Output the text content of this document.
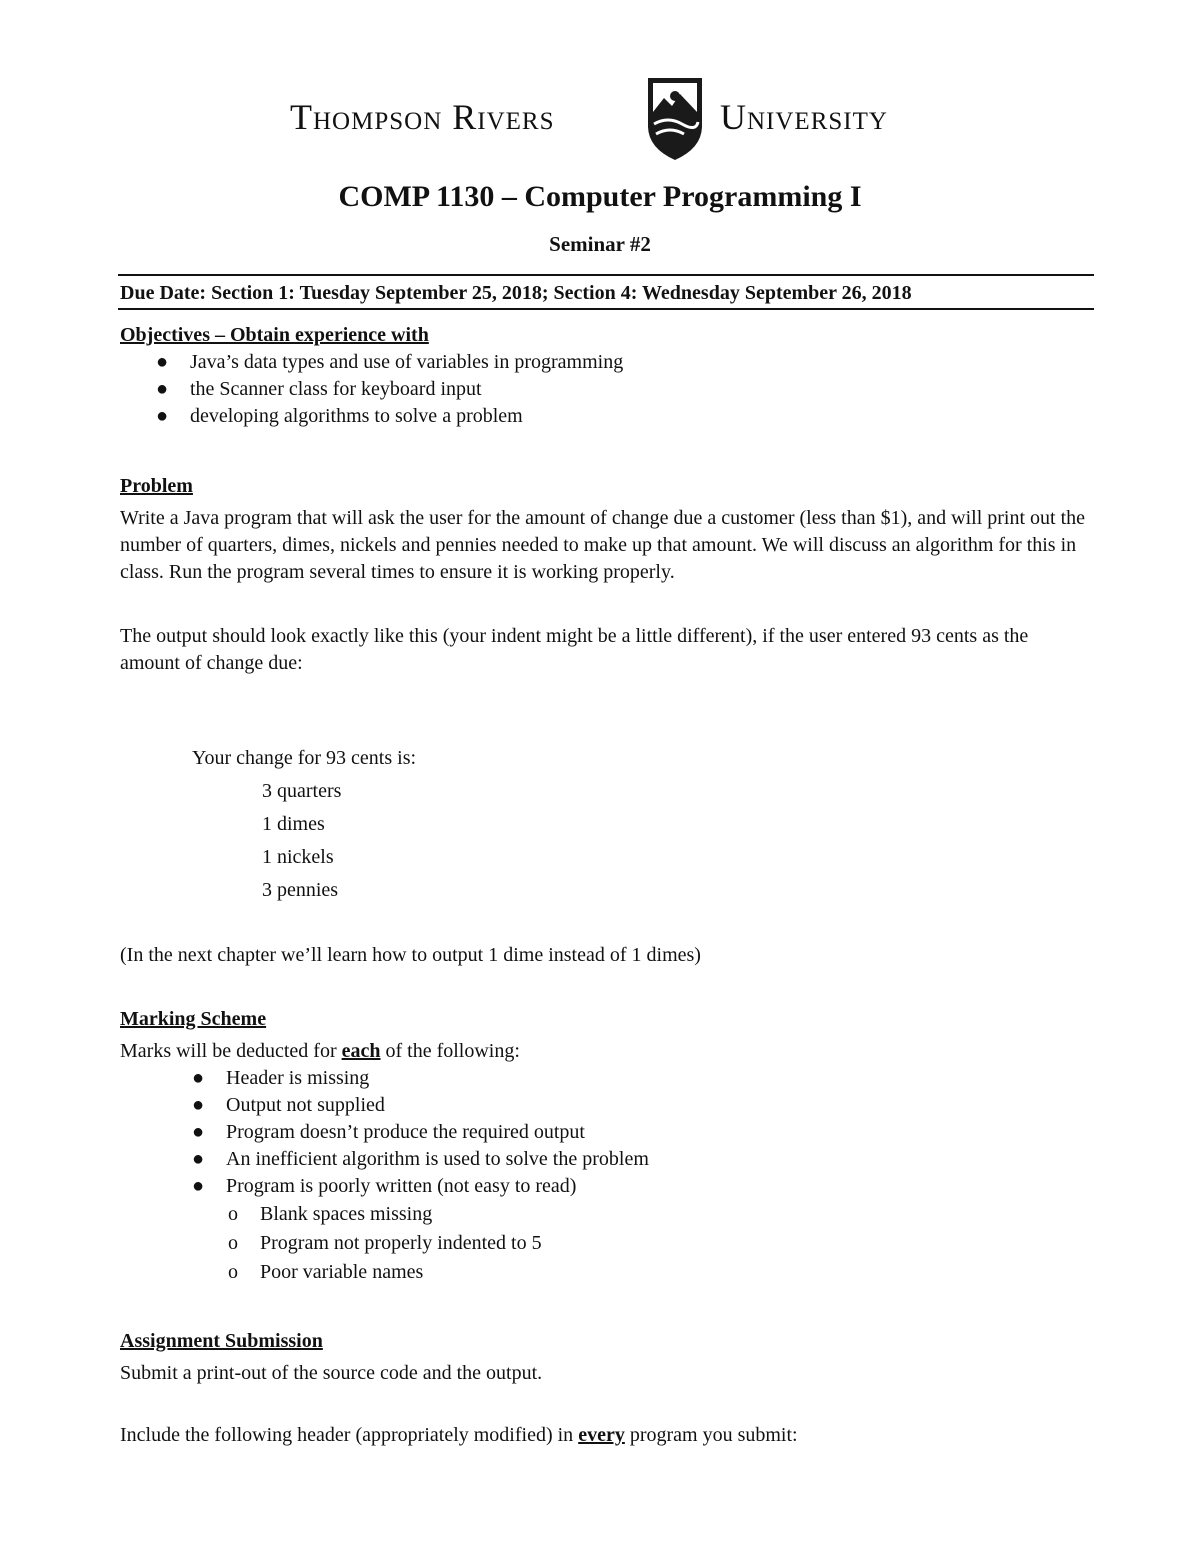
Thompson Rivers	University
COMP 1130 – Computer Programming I
Seminar #2
Due Date: Section 1: Tuesday September 25, 2018; Section 4: Wednesday September 26, 2018
Objectives – Obtain experience with
● Java’s data types and use of variables in programming
● the Scanner class for keyboard input
● developing algorithms to solve a problem
Problem

Write a Java program that will ask the user for the amount of change due a customer (less than $1), and will print out the number of quarters, dimes, nickels and pennies needed to make up that amount. We will discuss an algorithm for this in class. Run the program several times to ensure it is working properly.

The output should look exactly like this (your indent might be a little different), if the user entered 93 cents as the amount of change due:

Your change for 93 cents is:
3 quarters
1 dimes
1 nickels
3 pennies
(In the next chapter we’ll learn how to output 1 dime instead of 1 dimes)
Marking Scheme
Marks will be deducted for each of the following:
● Header is missing
● Output not supplied
● Program doesn’t produce the required output
● An inefficient algorithm is used to solve the problem
● Program is poorly written (not easy to read)
o Blank spaces missing
o Program not properly indented to 5
o Poor variable names
Assignment Submission
Submit a print-out of the source code and the output.
Include the following header (appropriately modified) in every program you submit:
